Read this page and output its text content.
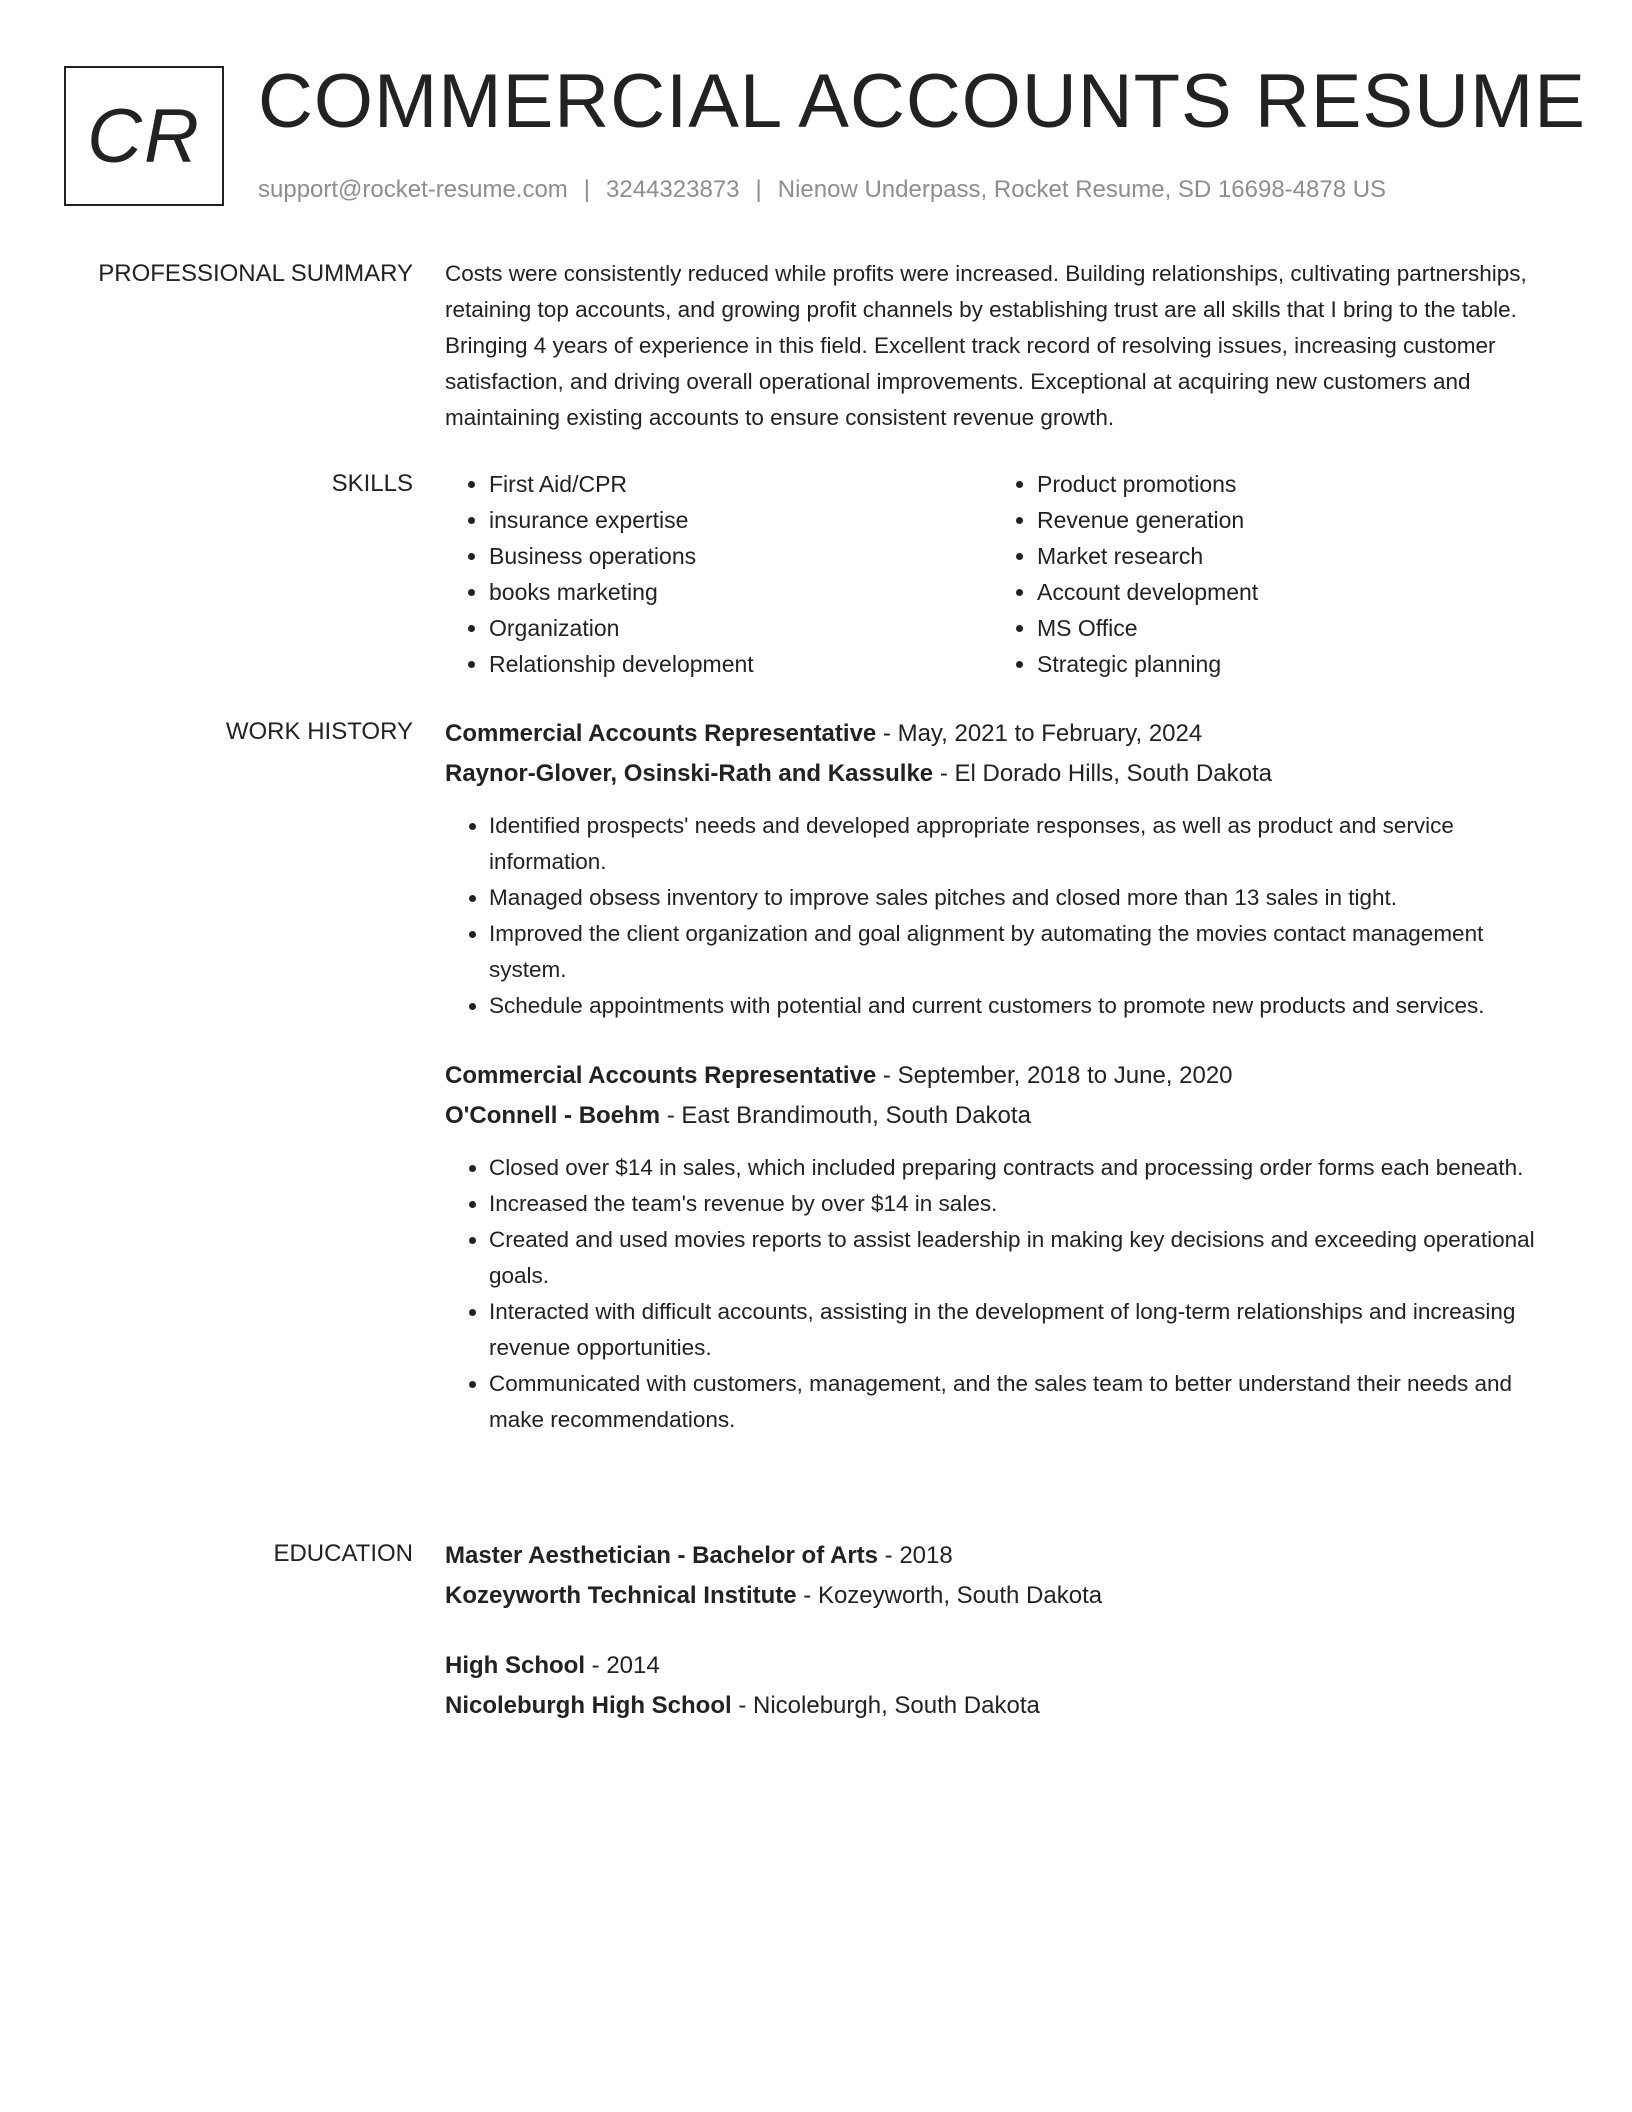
CR COMMERCIAL ACCOUNTS RESUME
support@rocket-resume.com | 3244323873 | Nienow Underpass, Rocket Resume, SD 16698-4878 US
PROFESSIONAL SUMMARY Costs were consistently reduced while profits were increased. Building relationships, cultivating partnerships, retaining top accounts, and growing profit channels by establishing trust are all skills that I bring to the table. Bringing 4 years of experience in this field. Excellent track record of resolving issues, increasing customer satisfaction, and driving overall operational improvements. Exceptional at acquiring new customers and maintaining existing accounts to ensure consistent revenue growth.

SKILLS
•	First Aid/CPR
• insurance expertise
• Business operations
• books marketing
• Organization
• Relationship development
• Product promotions
• Revenue generation
• Market research
• Account development
• MS Office
• Strategic planning
WORK HISTORY Commercial Accounts Representative - May, 2021 to February, 2024

Raynor-Glover, Osinski-Rath and Kassulke - El Dorado Hills, South Dakota

• Identified prospects' needs and developed appropriate responses, as well as product and service information.
• Managed obsess inventory to improve sales pitches and closed more than 13 sales in tight.
• Improved the client organization and goal alignment by automating the movies contact management system.
• Schedule appointments with potential and current customers to promote new products and services.

Commercial Accounts Representative - September, 2018 to June, 2020

O'Connell - Boehm - East Brandimouth, South Dakota

• Closed over $14 in sales, which included preparing contracts and processing order forms each beneath.
• Increased the team's revenue by over $14 in sales.
• Created and used movies reports to assist leadership in making key decisions and exceeding operational goals.
• Interacted with difficult accounts, assisting in the development of long-term relationships and increasing revenue opportunities.
• Communicated with customers, management, and the sales team to better understand their needs and make recommendations.
EDUCATION Master Aesthetician - Bachelor of Arts - 2018

Kozeyworth Technical Institute - Kozeyworth, South Dakota

High School - 2014

Nicoleburgh High School - Nicoleburgh, South Dakota
